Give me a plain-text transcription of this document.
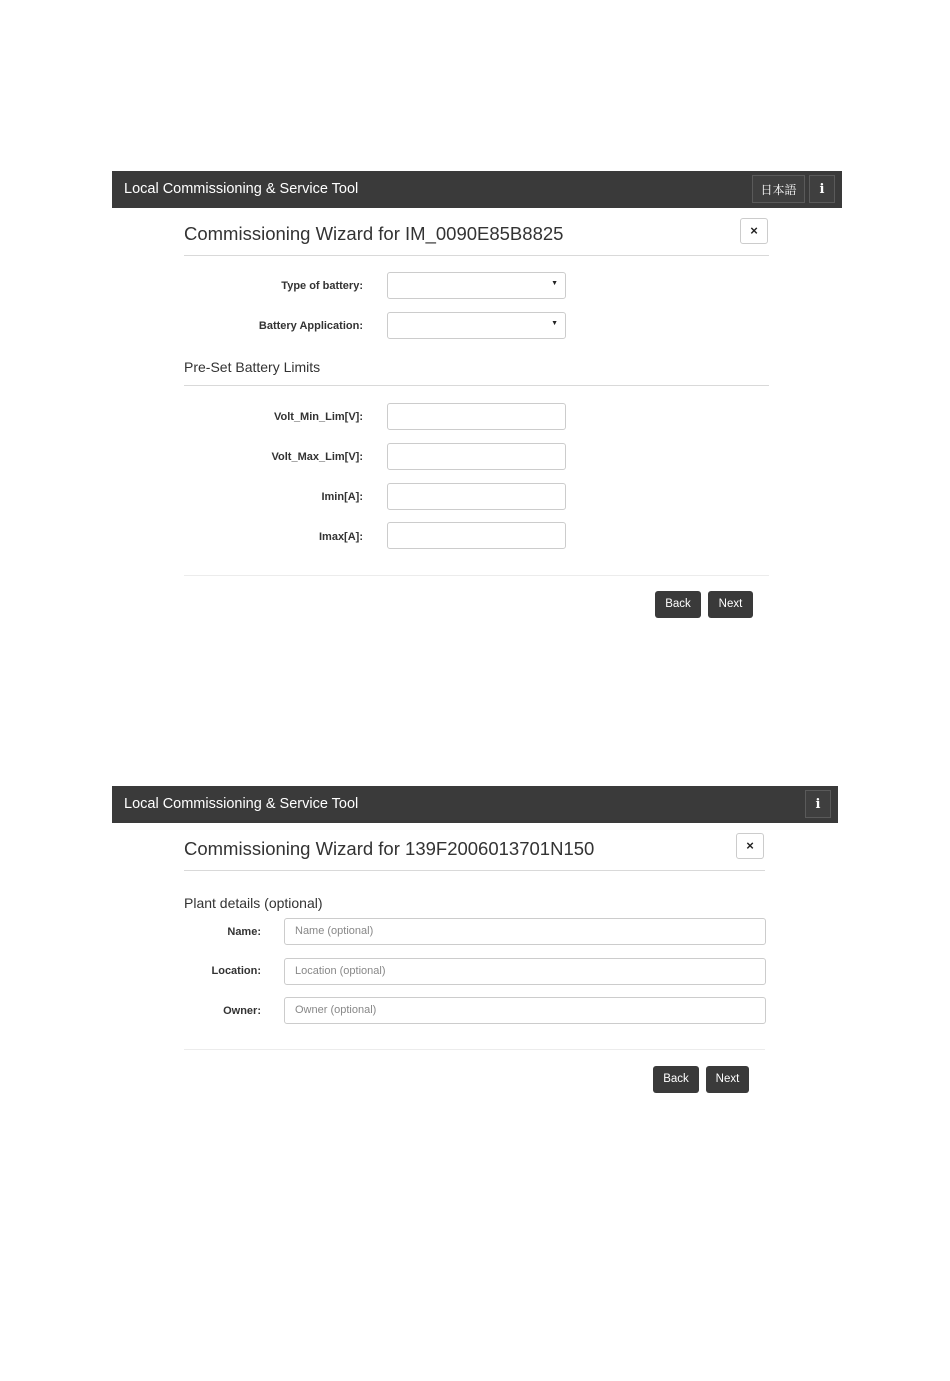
Local Commissioning & Service Tool	日本語	i
Commissioning Wizard for IM_0090E85B8825	×
Type of battery:	▼
Battery Application:	▼
Pre-Set Battery Limits
Volt_Min_Lim[V]:
Volt_Max_Lim[V]:
Imin[A]:
Imax[A]:
Back	Next
Local Commissioning & Service Tool	i
Commissioning Wizard for 139F2006013701N150	×
Plant details (optional)
Name:	Name (optional)
Location:	Location (optional)
Owner:	Owner (optional)
Back	Next
